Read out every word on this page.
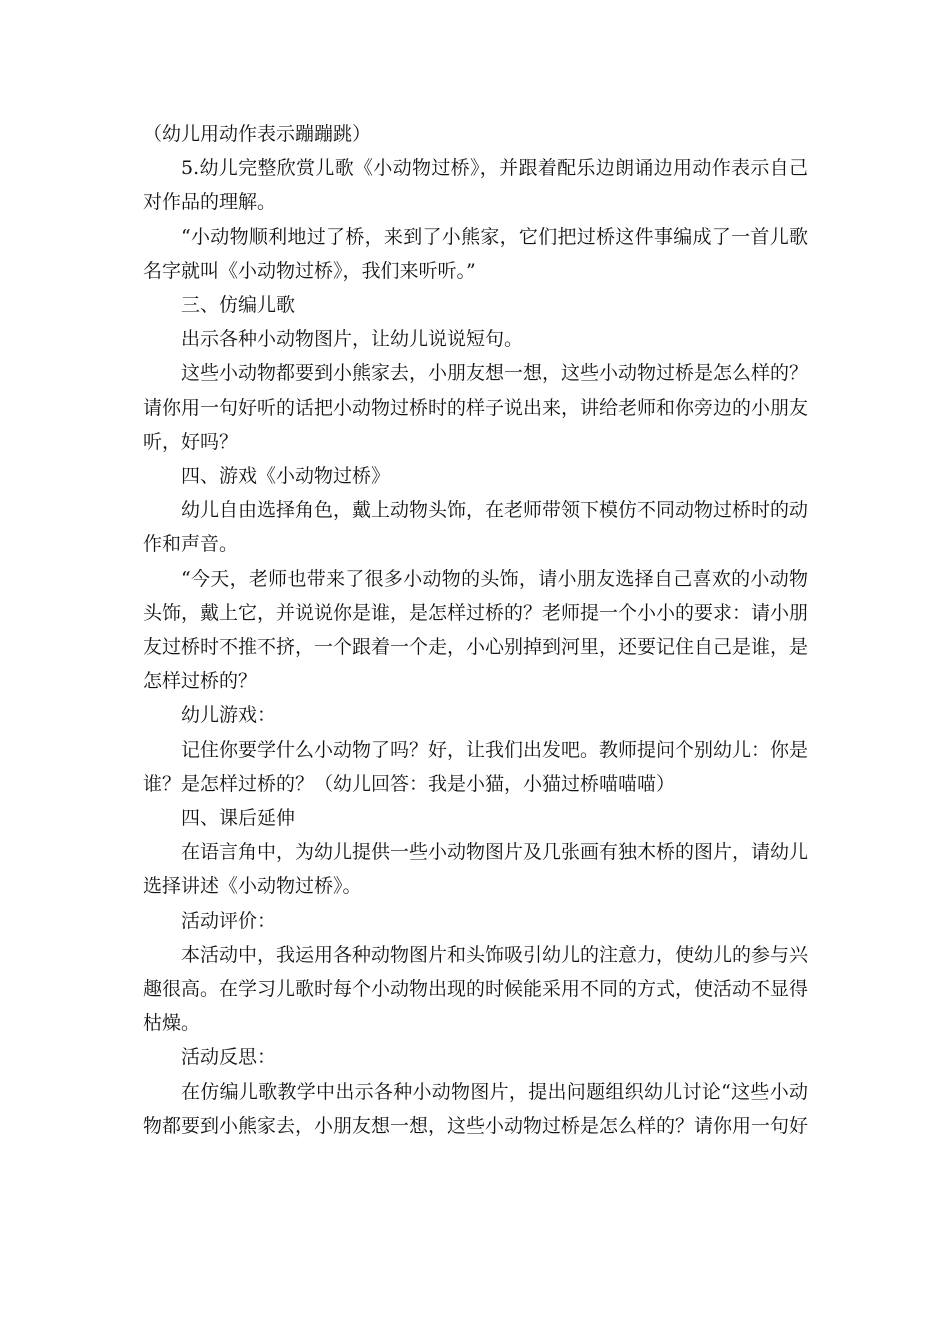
（幼儿用动作表示蹦蹦跳）

5.幼儿完整欣赏儿歌《小动物过桥》，并跟着配乐边朗诵边用动作表示自己对作品的理解。

“小动物顺利地过了桥，来到了小熊家，它们把过桥这件事编成了一首儿歌名字就叫《小动物过桥》，我们来听听。”

三、仿编儿歌

出示各种小动物图片，让幼儿说说短句。

这些小动物都要到小熊家去，小朋友想一想，这些小动物过桥是怎么样的？请你用一句好听的话把小动物过桥时的样子说出来，讲给老师和你旁边的小朋友听，好吗？

四、游戏《小动物过桥》

幼儿自由选择角色，戴上动物头饰，在老师带领下模仿不同动物过桥时的动作和声音。

“今天，老师也带来了很多小动物的头饰，请小朋友选择自己喜欢的小动物头饰，戴上它，并说说你是谁，是怎样过桥的？老师提一个小小的要求：请小朋友过桥时不推不挤，一个跟着一个走，小心别掉到河里，还要记住自己是谁，是怎样过桥的？

幼儿游戏：

记住你要学什么小动物了吗？好，让我们出发吧。教师提问个别幼儿：你是谁？是怎样过桥的？（幼儿回答：我是小猫，小猫过桥喵喵喵）

四、课后延伸

在语言角中，为幼儿提供一些小动物图片及几张画有独木桥的图片，请幼儿选择讲述《小动物过桥》。

活动评价：

本活动中，我运用各种动物图片和头饰吸引幼儿的注意力，使幼儿的参与兴趣很高。在学习儿歌时每个小动物出现的时候能采用不同的方式，使活动不显得枯燥。

活动反思：

在仿编儿歌教学中出示各种小动物图片，提出问题组织幼儿讨论“这些小动物都要到小熊家去，小朋友想一想，这些小动物过桥是怎么样的？请你用一句好
